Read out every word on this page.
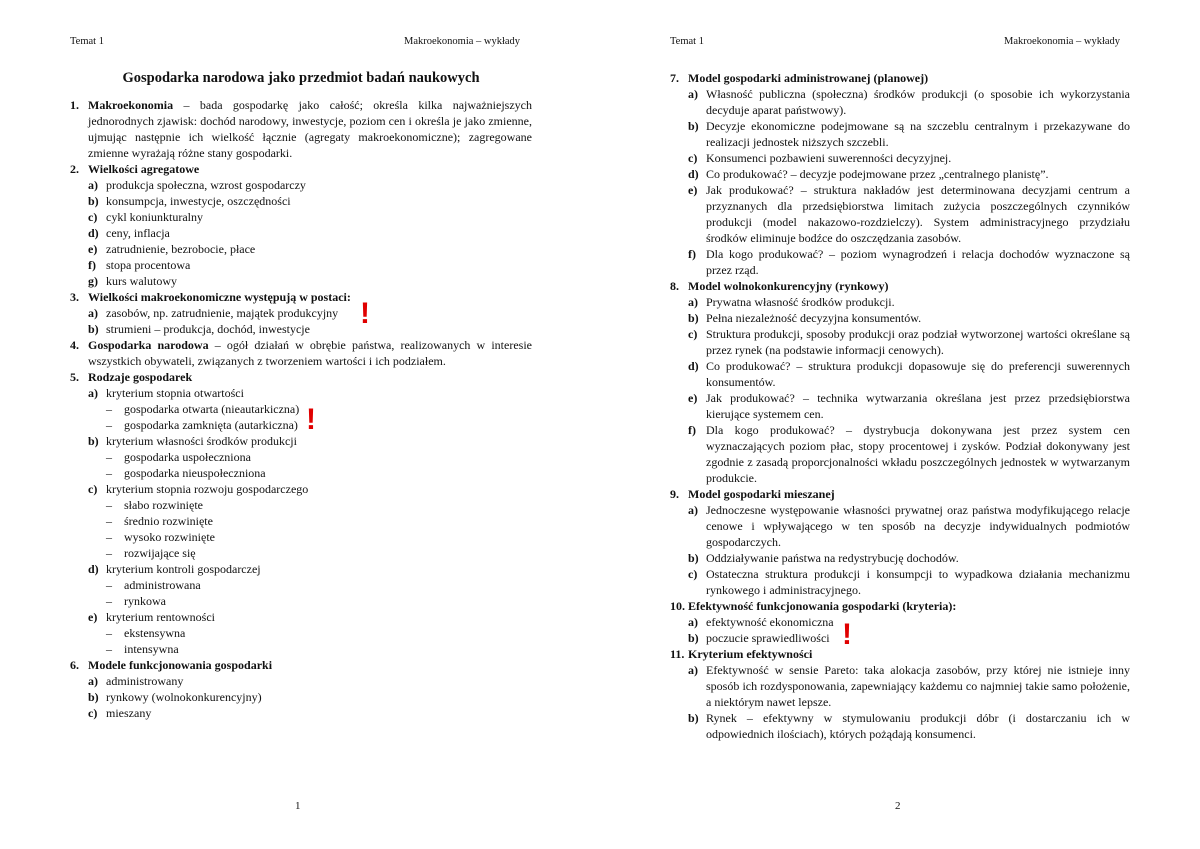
Temat 1	Makroekonomia – wykłady
Gospodarka narodowa jako przedmiot badań naukowych
1. Makroekonomia – bada gospodarkę jako całość; określa kilka najważniejszych jednorodnych zjawisk: dochód narodowy, inwestycje, poziom cen i określa je jako zmienne, ujmując następnie ich wielkość łącznie (agregaty makroekonomiczne); zagregowane zmienne wyrażają różne stany gospodarki.
2. Wielkości agregatowe
a) produkcja społeczna, wzrost gospodarczy
b) konsumpcja, inwestycje, oszczędności
c) cykl koniunkturalny
d) ceny, inflacja
e) zatrudnienie, bezrobocie, płace
f) stopa procentowa
g) kurs walutowy
3. Wielkości makroekonomiczne występują w postaci:
a) zasobów, np. zatrudnienie, majątek produkcyjny
b) strumieni – produkcja, dochód, inwestycje
4. Gospodarka narodowa – ogół działań w obrębie państwa, realizowanych w interesie wszystkich obywateli, związanych z tworzeniem wartości i ich podziałem.
5. Rodzaje gospodarek
a) kryterium stopnia otwartości
–	gospodarka otwarta (nieautarkiczna)
–	gospodarka zamknięta (autarkiczna)
b) kryterium własności środków produkcji
–	gospodarka uspołeczniona
–	gospodarka nieuspołeczniona
c) kryterium stopnia rozwoju gospodarczego
–	słabo rozwinięte
–	średnio rozwinięte
–	wysoko rozwinięte
–	rozwijające się
d) kryterium kontroli gospodarczej
–	administrowana
–	rynkowa
e) kryterium rentowności
–	ekstensywna
–	intensywna
6. Modele funkcjonowania gospodarki
a) administrowany
b) rynkowy (wolnokonkurencyjny)
c) mieszany
1
!
!
Temat 1	Makroekonomia – wykłady
7. Model gospodarki administrowanej (planowej)
a) Własność publiczna (społeczna) środków produkcji (o sposobie ich wykorzystania decyduje aparat państwowy).
b) Decyzje ekonomiczne podejmowane są na szczeblu centralnym i przekazywane do realizacji jednostek niższych szczebli.
c) Konsumenci pozbawieni suwerenności decyzyjnej.
d) Co produkować? – decyzje podejmowane przez „centralnego planistę”.
e) Jak produkować? – struktura nakładów jest determinowana decyzjami centrum a przyznanych dla przedsiębiorstwa limitach zużycia poszczególnych czynników produkcji (model nakazowo-rozdzielczy). System administracyjnego przydziału środków eliminuje bodźce do oszczędzania zasobów.
f) Dla kogo produkować? – poziom wynagrodzeń i relacja dochodów wyznaczone są przez rząd.
8. Model wolnokonkurencyjny (rynkowy)
a) Prywatna własność środków produkcji.
b) Pełna niezależność decyzyjna konsumentów.
c) Struktura produkcji, sposoby produkcji oraz podział wytworzonej wartości określane są przez rynek (na podstawie informacji cenowych).
d) Co produkować? – struktura produkcji dopasowuje się do preferencji suwerennych konsumentów.
e) Jak produkować? – technika wytwarzania określana jest przez przedsiębiorstwa kierujące systemem cen.
f) Dla kogo produkować? – dystrybucja dokonywana jest przez system cen wyznaczających poziom płac, stopy procentowej i zysków. Podział dokonywany jest zgodnie z zasadą proporcjonalności wkładu poszczególnych jednostek w wytwarzanym produkcie.
9. Model gospodarki mieszanej
a) Jednoczesne występowanie własności prywatnej oraz państwa modyfikującego relacje cenowe i wpływającego w ten sposób na decyzje indywidualnych podmiotów gospodarczych.
b) Oddziaływanie państwa na redystrybucję dochodów.
c) Ostateczna struktura produkcji i konsumpcji to wypadkowa działania mechanizmu rynkowego i administracyjnego.
10. Efektywność funkcjonowania gospodarki (kryteria):
a) efektywność ekonomiczna
b) poczucie sprawiedliwości
11. Kryterium efektywności
a) Efektywność w sensie Pareto: taka alokacja zasobów, przy której nie istnieje inny sposób ich rozdysponowania, zapewniający każdemu co najmniej takie samo położenie, a niektórym nawet lepsze.
b) Rynek – efektywny w stymulowaniu produkcji dóbr (i dostarczaniu ich w odpowiednich ilościach), których pożądają konsumenci.
2
!
